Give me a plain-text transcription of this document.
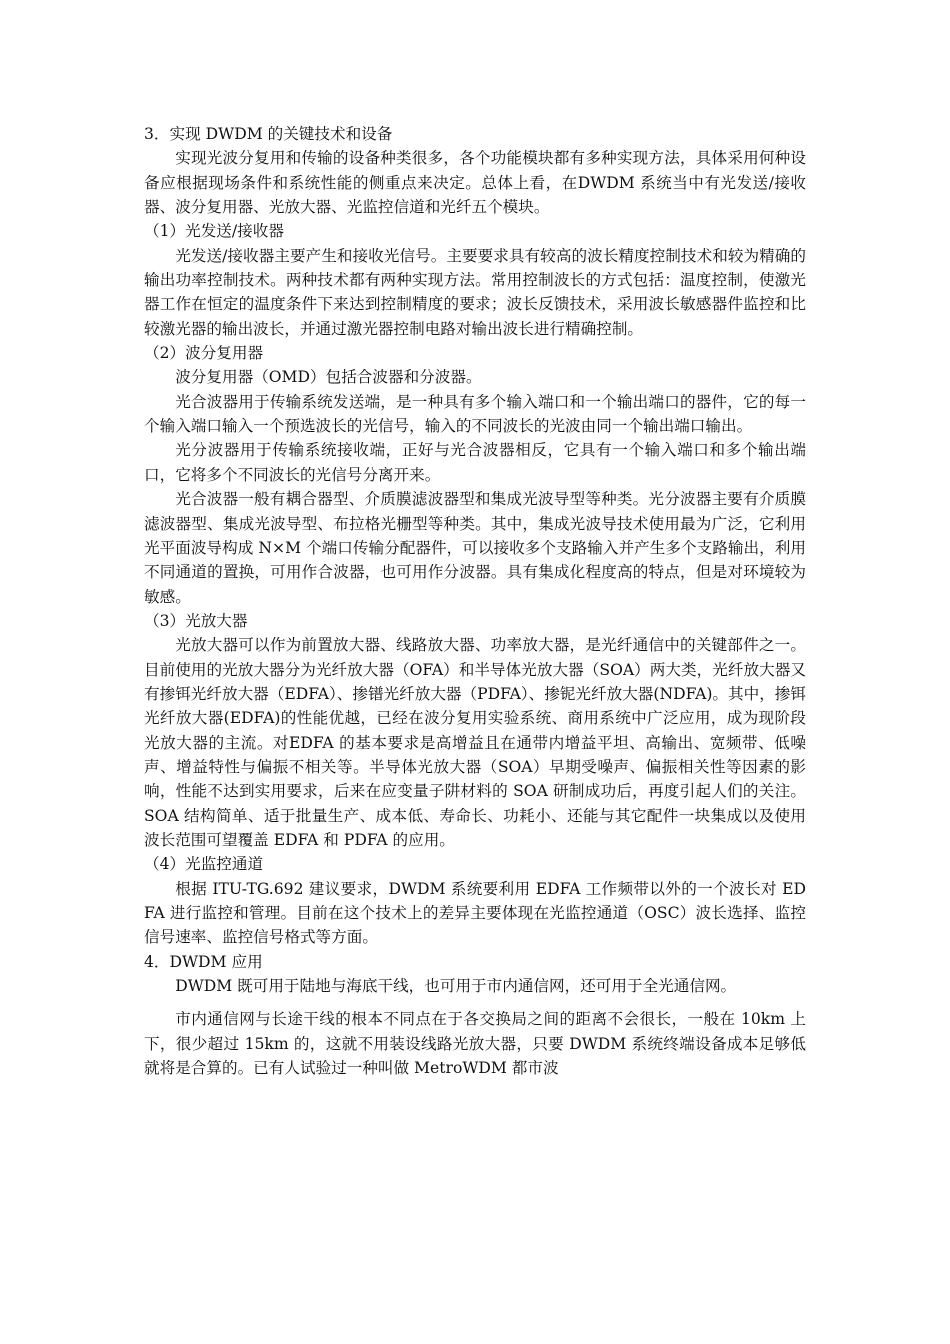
3．实现 DWDM 的关键技术和设备

实现光波分复用和传输的设备种类很多，各个功能模块都有多种实现方法，具体采用何种设备应根据现场条件和系统性能的侧重点来决定。总体上看，在DWDM 系统当中有光发送/接收器、波分复用器、光放大器、光监控信道和光纤五个模块。

（1）光发送/接收器

光发送/接收器主要产生和接收光信号。主要要求具有较高的波长精度控制技术和较为精确的输出功率控制技术。两种技术都有两种实现方法。常用控制波长的方式包括：温度控制，使激光器工作在恒定的温度条件下来达到控制精度的要求；波长反馈技术，采用波长敏感器件监控和比较激光器的输出波长，并通过激光器控制电路对输出波长进行精确控制。

（2）波分复用器

波分复用器（OMD）包括合波器和分波器。

光合波器用于传输系统发送端，是一种具有多个输入端口和一个输出端口的器件，它的每一个输入端口输入一个预选波长的光信号，输入的不同波长的光波由同一个输出端口输出。

光分波器用于传输系统接收端，正好与光合波器相反，它具有一个输入端口和多个输出端口，它将多个不同波长的光信号分离开来。

光合波器一般有耦合器型、介质膜滤波器型和集成光波导型等种类。光分波器主要有介质膜滤波器型、集成光波导型、布拉格光栅型等种类。其中，集成光波导技术使用最为广泛，它利用光平面波导构成 N×M 个端口传输分配器件，可以接收多个支路输入并产生多个支路输出，利用不同通道的置换，可用作合波器，也可用作分波器。具有集成化程度高的特点，但是对环境较为敏感。

（3）光放大器

光放大器可以作为前置放大器、线路放大器、功率放大器，是光纤通信中的关键部件之一。目前使用的光放大器分为光纤放大器（OFA）和半导体光放大器（SOA）两大类，光纤放大器又有掺铒光纤放大器（EDFA）、掺镨光纤放大器（PDFA）、掺铌光纤放大器(NDFA)。其中，掺铒光纤放大器(EDFA)的性能优越，已经在波分复用实验系统、商用系统中广泛应用，成为现阶段光放大器的主流。对EDFA 的基本要求是高增益且在通带内增益平坦、高输出、宽频带、低噪声、增益特性与偏振不相关等。半导体光放大器（SOA）早期受噪声、偏振相关性等因素的影响，性能不达到实用要求，后来在应变量子阱材料的 SOA 研制成功后，再度引起人们的关注。SOA 结构简单、适于批量生产、成本低、寿命长、功耗小、还能与其它配件一块集成以及使用波长范围可望覆盖 EDFA 和 PDFA 的应用。

（4）光监控通道

根据 ITU-TG.692 建议要求，DWDM 系统要利用 EDFA 工作频带以外的一个波长对 EDFA 进行监控和管理。目前在这个技术上的差异主要体现在光监控通道（OSC）波长选择、监控信号速率、监控信号格式等方面。

4．DWDM 应用

DWDM 既可用于陆地与海底干线，也可用于市内通信网，还可用于全光通信网。

市内通信网与长途干线的根本不同点在于各交换局之间的距离不会很长，一般在 10km 上下，很少超过 15km 的，这就不用装设线路光放大器，只要 DWDM 系统终端设备成本足够低就将是合算的。已有人试验过一种叫做 MetroWDM 都市波
